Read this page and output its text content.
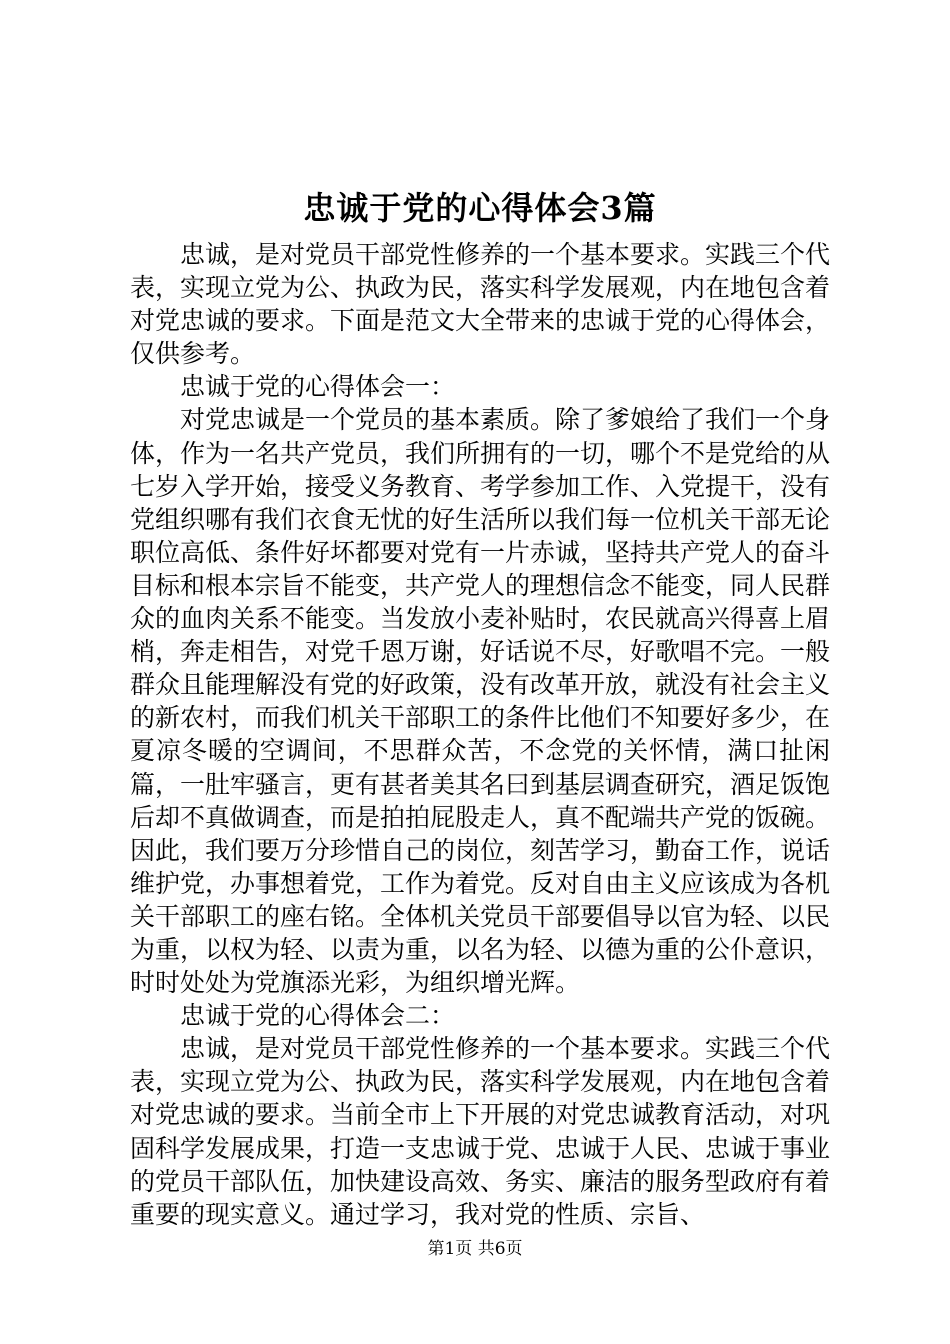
忠诚于党的心得体会3篇

忠诚，是对党员干部党性修养的一个基本要求。实践三个代表，实现立党为公、执政为民，落实科学发展观，内在地包含着对党忠诚的要求。下面是范文大全带来的忠诚于党的心得体会，仅供参考。

忠诚于党的心得体会一：

对党忠诚是一个党员的基本素质。除了爹娘给了我们一个身体，作为一名共产党员，我们所拥有的一切，哪个不是党给的从七岁入学开始，接受义务教育、考学参加工作、入党提干，没有党组织哪有我们衣食无忧的好生活所以我们每一位机关干部无论职位高低、条件好坏都要对党有一片赤诚，坚持共产党人的奋斗目标和根本宗旨不能变，共产党人的理想信念不能变，同人民群众的血肉关系不能变。当发放小麦补贴时，农民就高兴得喜上眉梢，奔走相告，对党千恩万谢，好话说不尽，好歌唱不完。一般群众且能理解没有党的好政策，没有改革开放，就没有社会主义的新农村，而我们机关干部职工的条件比他们不知要好多少，在夏凉冬暖的空调间，不思群众苦，不念党的关怀情，满口扯闲篇，一肚牢骚言，更有甚者美其名曰到基层调查研究，酒足饭饱后却不真做调查，而是拍拍屁股走人，真不配端共产党的饭碗。因此，我们要万分珍惜自己的岗位，刻苦学习，勤奋工作，说话维护党，办事想着党，工作为着党。反对自由主义应该成为各机关干部职工的座右铭。全体机关党员干部要倡导以官为轻、以民为重，以权为轻、以责为重，以名为轻、以德为重的公仆意识，时时处处为党旗添光彩，为组织增光辉。

忠诚于党的心得体会二：

忠诚，是对党员干部党性修养的一个基本要求。实践三个代表，实现立党为公、执政为民，落实科学发展观，内在地包含着对党忠诚的要求。当前全市上下开展的对党忠诚教育活动，对巩固科学发展成果，打造一支忠诚于党、忠诚于人民、忠诚于事业的党员干部队伍，加快建设高效、务实、廉洁的服务型政府有着重要的现实意义。通过学习，我对党的性质、宗旨、

第1页 共6页
